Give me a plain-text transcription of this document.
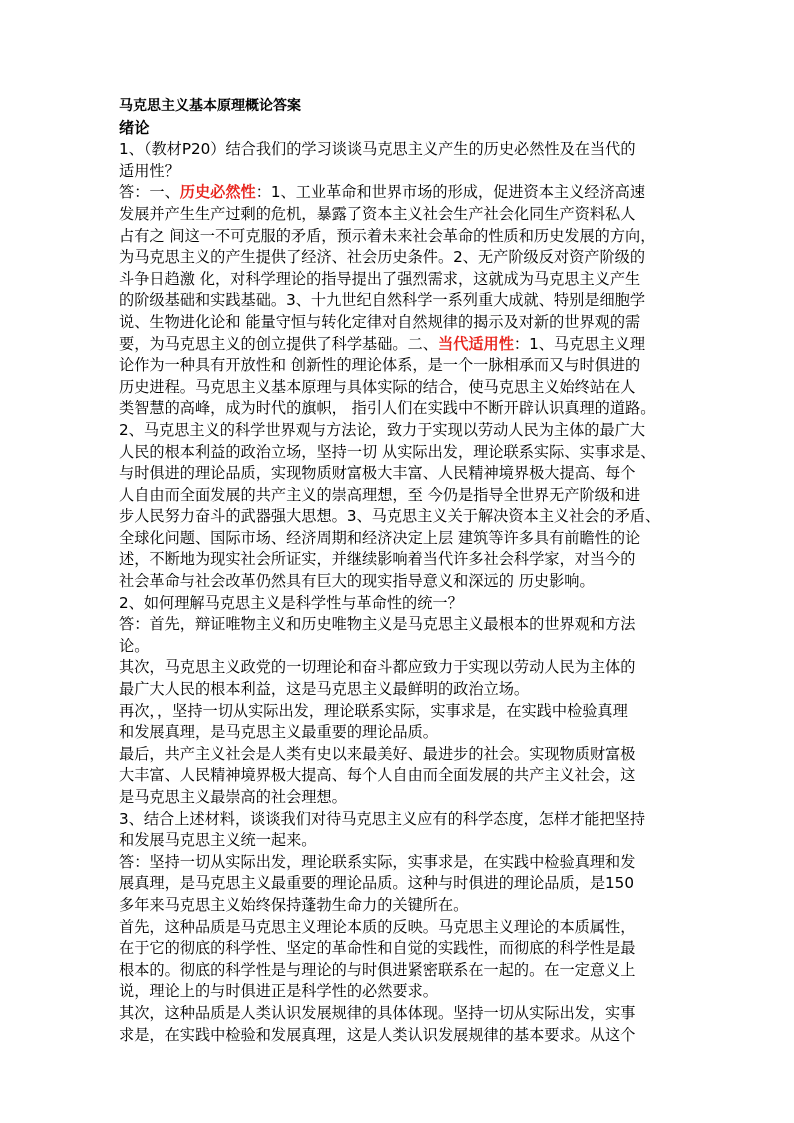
马克思主义基本原理概论答案
绪论
1、（教材P20）结合我们的学习谈谈马克思主义产生的历史必然性及在当代的
适用性？
答：一、历史必然性：1、工业革命和世界市场的形成，促进资本主义经济高速
发展并产生生产过剩的危机，暴露了资本主义社会生产社会化同生产资料私人
占有之 间这一不可克服的矛盾，预示着未来社会革命的性质和历史发展的方向，
为马克思主义的产生提供了经济、社会历史条件。2、无产阶级反对资产阶级的
斗争日趋激 化，对科学理论的指导提出了强烈需求，这就成为马克思主义产生
的阶级基础和实践基础。3、十九世纪自然科学一系列重大成就、特别是细胞学
说、生物进化论和 能量守恒与转化定律对自然规律的揭示及对新的世界观的需
要，为马克思主义的创立提供了科学基础。二、当代适用性：1、马克思主义理
论作为一种具有开放性和 创新性的理论体系，是一个一脉相承而又与时俱进的
历史进程。马克思主义基本原理与具体实际的结合，使马克思主义始终站在人
类智慧的高峰，成为时代的旗帜， 指引人们在实践中不断开辟认识真理的道路。
2、马克思主义的科学世界观与方法论，致力于实现以劳动人民为主体的最广大
人民的根本利益的政治立场，坚持一切 从实际出发，理论联系实际、实事求是、
与时俱进的理论品质，实现物质财富极大丰富、人民精神境界极大提高、每个
人自由而全面发展的共产主义的崇高理想，至 今仍是指导全世界无产阶级和进
步人民努力奋斗的武器强大思想。3、马克思主义关于解决资本主义社会的矛盾、
全球化问题、国际市场、经济周期和经济决定上层 建筑等许多具有前瞻性的论
述，不断地为现实社会所证实，并继续影响着当代许多社会科学家，对当今的
社会革命与社会改革仍然具有巨大的现实指导意义和深远的 历史影响。
2、如何理解马克思主义是科学性与革命性的统一？
答：首先，辩证唯物主义和历史唯物主义是马克思主义最根本的世界观和方法
论。
其次，马克思主义政党的一切理论和奋斗都应致力于实现以劳动人民为主体的
最广大人民的根本利益，这是马克思主义最鲜明的政治立场。
再次，，坚持一切从实际出发，理论联系实际，实事求是，在实践中检验真理
和发展真理，是马克思主义最重要的理论品质。
最后，共产主义社会是人类有史以来最美好、最进步的社会。实现物质财富极
大丰富、人民精神境界极大提高、每个人自由而全面发展的共产主义社会，这
是马克思主义最崇高的社会理想。
3、结合上述材料，谈谈我们对待马克思主义应有的科学态度，怎样才能把坚持
和发展马克思主义统一起来。
答：坚持一切从实际出发，理论联系实际，实事求是，在实践中检验真理和发
展真理，是马克思主义最重要的理论品质。这种与时俱进的理论品质，是150
多年来马克思主义始终保持蓬勃生命力的关键所在。
首先，这种品质是马克思主义理论本质的反映。马克思主义理论的本质属性，
在于它的彻底的科学性、坚定的革命性和自觉的实践性，而彻底的科学性是最
根本的。彻底的科学性是与理论的与时俱进紧密联系在一起的。在一定意义上
说，理论上的与时俱进正是科学性的必然要求。
其次，这种品质是人类认识发展规律的具体体现。坚持一切从实际出发，实事
求是，在实践中检验和发展真理，这是人类认识发展规律的基本要求。从这个
